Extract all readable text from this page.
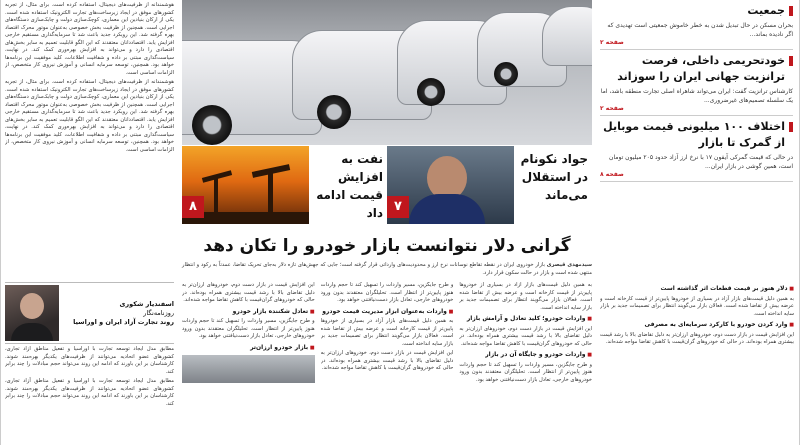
جمعیت
بحران مسکن در حال تبدیل شدن به خطر خاموش جمعیتی است تهدیدی که اگر نادیده بماند...
صفحه ۲
خودتحریمی داخلی، فرصت ترانزیت جهانی ایران را سوزاند
کارشناس ترانزیت گفت: ایران می‌تواند شاهراه اصلی تجارت منطقه باشد، اما یک سلسله تصمیم‌های غیرضروری...
صفحه ۲
اختلاف ۱۰۰ میلیونی قیمت موبایل از گمرک تا بازار
در حالی که قیمت گمرکی آیفون ۱۷ با نرخ ارز آزاد حدود ۲۰۵ میلیون تومان است، همین گوشی در بازار ایران...
صفحه ۸
■ دلار هنوز بر قیمت قطعات اثر گذاشته است

به همین دلیل قیمت‌های بازار آزاد در بسیاری از خودروها پایین‌تر از قیمت کارخانه است و عرضه بیش از تقاضا شده است. فعالان بازار می‌گویند انتظار برای تصمیمات جدید بر بازار سایه انداخته است.

■ وارد کردن خودرو با کارکرد سرمایه‌ای به مصرفی

این افزایش قیمت در بازار دست دوم، خودروهای ارزان‌تر به دلیل تقاضای بالا با رشد قیمت بیشتری همراه بوده‌اند. در حالی که خودروهای گران‌قیمت با کاهش تقاضا مواجه شده‌اند.

جواد نکونام در استقلال می‌ماند
۷
نفت به افزایش قیمت ادامه داد
۸
گرانی دلار نتوانست بازار خودرو را تکان دهد

به همین دلیل قیمت‌های بازار آزاد در بسیاری از خودروها پایین‌تر از قیمت کارخانه است و عرضه بیش از تقاضا شده است. فعالان بازار می‌گویند انتظار برای تصمیمات جدید بر بازار سایه انداخته است.

■ واردات خودرو؛ کلید تعادل و آرامش بازار

این افزایش قیمت در بازار دست دوم، خودروهای ارزان‌تر به دلیل تقاضای بالا با رشد قیمت بیشتری همراه بوده‌اند. در حالی که خودروهای گران‌قیمت با کاهش تقاضا مواجه شده‌اند.

■ واردات خودرو و جایگاه آن در بازار

و طرح جایگزین، مسیر واردات را تسهیل کند تا حجم واردات هنوز پایین‌تر از انتظار است. تحلیلگران معتقدند بدون ورود خودروهای خارجی، تعادل بازار دست‌نیافتنی خواهد بود.

و طرح جایگزین، مسیر واردات را تسهیل کند تا حجم واردات هنوز پایین‌تر از انتظار است. تحلیلگران معتقدند بدون ورود خودروهای خارجی، تعادل بازار دست‌نیافتنی خواهد بود.

■ واردات به‌عنوان ابزار مدیریت قیمت خودرو

به همین دلیل قیمت‌های بازار آزاد در بسیاری از خودروها پایین‌تر از قیمت کارخانه است و عرضه بیش از تقاضا شده است. فعالان بازار می‌گویند انتظار برای تصمیمات جدید بر بازار سایه انداخته است.

این افزایش قیمت در بازار دست دوم، خودروهای ارزان‌تر به دلیل تقاضای بالا با رشد قیمت بیشتری همراه بوده‌اند. در حالی که خودروهای گران‌قیمت با کاهش تقاضا مواجه شده‌اند.

این افزایش قیمت در بازار دست دوم، خودروهای ارزان‌تر به دلیل تقاضای بالا با رشد قیمت بیشتری همراه بوده‌اند. در حالی که خودروهای گران‌قیمت با کاهش تقاضا مواجه شده‌اند.

■ تعادل شکننده بازار خودرو

و طرح جایگزین، مسیر واردات را تسهیل کند تا حجم واردات هنوز پایین‌تر از انتظار است. تحلیلگران معتقدند بدون ورود خودروهای خارجی، تعادل بازار دست‌نیافتنی خواهد بود.

■ بازار خودرو ارزان‌تر
سیدمهدی قیصری بازار خودروی ایران در نقطه تقاطع نوسانات نرخ ارز و محدودیت‌های وارداتی قرار گرفته است؛ جایی که جهش‌های تازه دلار به‌جای تحریک تقاضا، عمدتاً به رکود و انتظار منتهی شده است و بازار در حالت سکون قرار دارد.

هوشمندانه از ظرفیت‌های دیجیتال، استفاده کرده است. برای مثال، از تجربه کشورهای موفق در ایجاد زیرساخت‌های تجارت الکترونیک استفاده شده است. یکی از ارکان بنیادین این معماری، کوچک‌سازی دولت و چابک‌سازی دستگاه‌های اجرایی است. همچنین از ظرفیت بخش خصوصی به‌عنوان موتور محرک اقتصاد بهره گرفته شد. این رویکرد جدید باعث شد تا سرمایه‌گذاری مستقیم خارجی افزایش یابد. اقتصاددانان معتقدند که این الگو قابلیت تعمیم به سایر بخش‌های اقتصادی را دارد و می‌تواند به افزایش بهره‌وری کمک کند. در نهایت، سیاست‌گذاری مبتنی بر داده و شفافیت اطلاعات، کلید موفقیت این برنامه‌ها خواهد بود. همچنین، توسعه سرمایه انسانی و آموزش نیروی کار متخصص، از الزامات اساسی است.

هوشمندانه از ظرفیت‌های دیجیتال، استفاده کرده است. برای مثال، از تجربه کشورهای موفق در ایجاد زیرساخت‌های تجارت الکترونیک استفاده شده است. یکی از ارکان بنیادین این معماری، کوچک‌سازی دولت و چابک‌سازی دستگاه‌های اجرایی است. همچنین از ظرفیت بخش خصوصی به‌عنوان موتور محرک اقتصاد بهره گرفته شد. این رویکرد جدید باعث شد تا سرمایه‌گذاری مستقیم خارجی افزایش یابد. اقتصاددانان معتقدند که این الگو قابلیت تعمیم به سایر بخش‌های اقتصادی را دارد و می‌تواند به افزایش بهره‌وری کمک کند. در نهایت، سیاست‌گذاری مبتنی بر داده و شفافیت اطلاعات، کلید موفقیت این برنامه‌ها خواهد بود. همچنین، توسعه سرمایه انسانی و آموزش نیروی کار متخصص، از الزامات اساسی است.

اسفندیار شکوری
روزنامه‌نگار
روند تجارت آزاد ایران و اوراسیا

مطابق مدل ایجاد توسعه تجارت با اوراسیا و تفعیل مناطق آزاد تجاری، کشورهای عضو اتحادیه می‌توانند از ظرفیت‌های یکدیگر بهره‌مند شوند. کارشناسان بر این باورند که ادامه این روند می‌تواند حجم مبادلات را چند برابر کند.

مطابق مدل ایجاد توسعه تجارت با اوراسیا و تفعیل مناطق آزاد تجاری، کشورهای عضو اتحادیه می‌توانند از ظرفیت‌های یکدیگر بهره‌مند شوند. کارشناسان بر این باورند که ادامه این روند می‌تواند حجم مبادلات را چند برابر کند.
